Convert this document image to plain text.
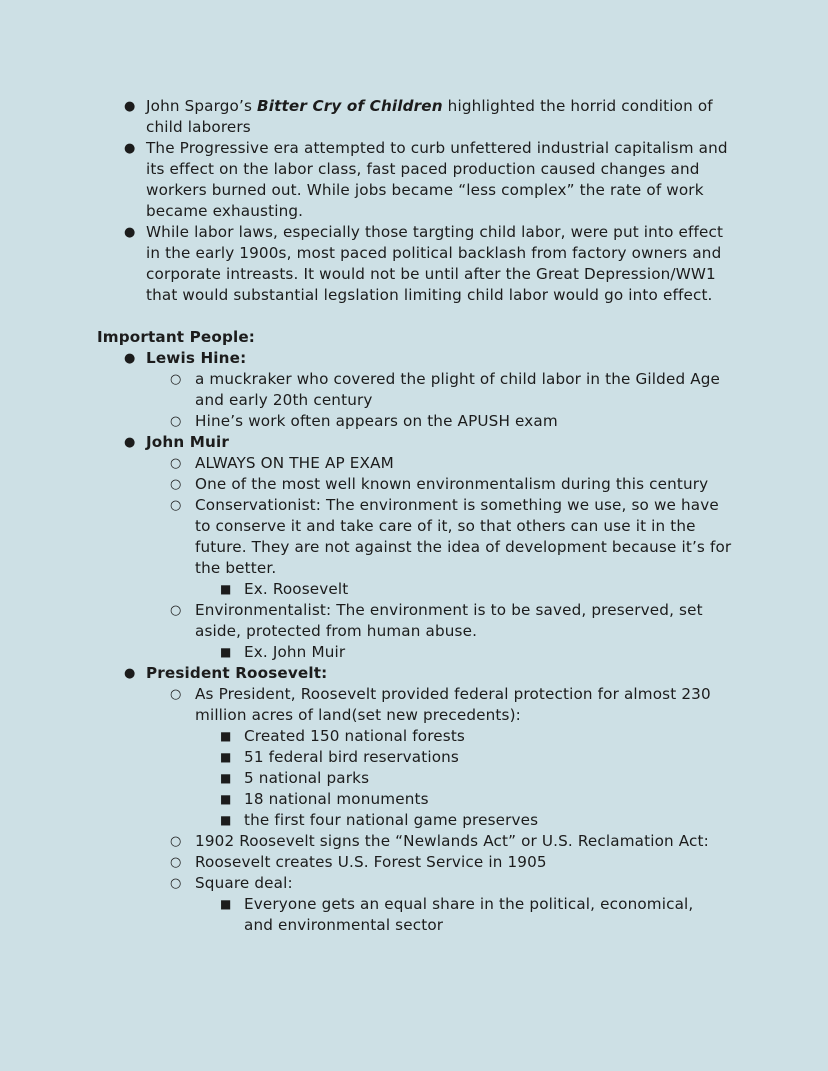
● John Spargo’s Bitter Cry of Children highlighted the horrid condition of child laborers
● The Progressive era attempted to curb unfettered industrial capitalism and its effect on the labor class, fast paced production caused changes and workers burned out. While jobs became “less complex” the rate of work became exhausting.
● While labor laws, especially those targting child labor, were put into effect in the early 1900s, most paced political backlash from factory owners and corporate intreasts. It would not be until after the Great Depression/WW1 that would substantial legslation limiting child labor would go into effect.
Important People:
● Lewis Hine:
○ a muckraker who covered the plight of child labor in the Gilded Age and early 20th century
○ Hine’s work often appears on the APUSH exam
● John Muir
○ ALWAYS ON THE AP EXAM
○ One of the most well known environmentalism during this century
○ Conservationist: The environment is something we use, so we have to conserve it and take care of it, so that others can use it in the future. They are not against the idea of development because it’s for the better.
■ Ex. Roosevelt
○ Environmentalist: The environment is to be saved, preserved, set aside, protected from human abuse.
■ Ex. John Muir
● President Roosevelt:
○ As President, Roosevelt provided federal protection for almost 230 million acres of land(set new precedents):
■ Created 150 national forests
■ 51 federal bird reservations
■ 5 national parks
■ 18 national monuments
■ the first four national game preserves
○ 1902 Roosevelt signs the “Newlands Act” or U.S. Reclamation Act:
○ Roosevelt creates U.S. Forest Service in 1905
○ Square deal:
■ Everyone gets an equal share in the political, economical, and environmental sector
